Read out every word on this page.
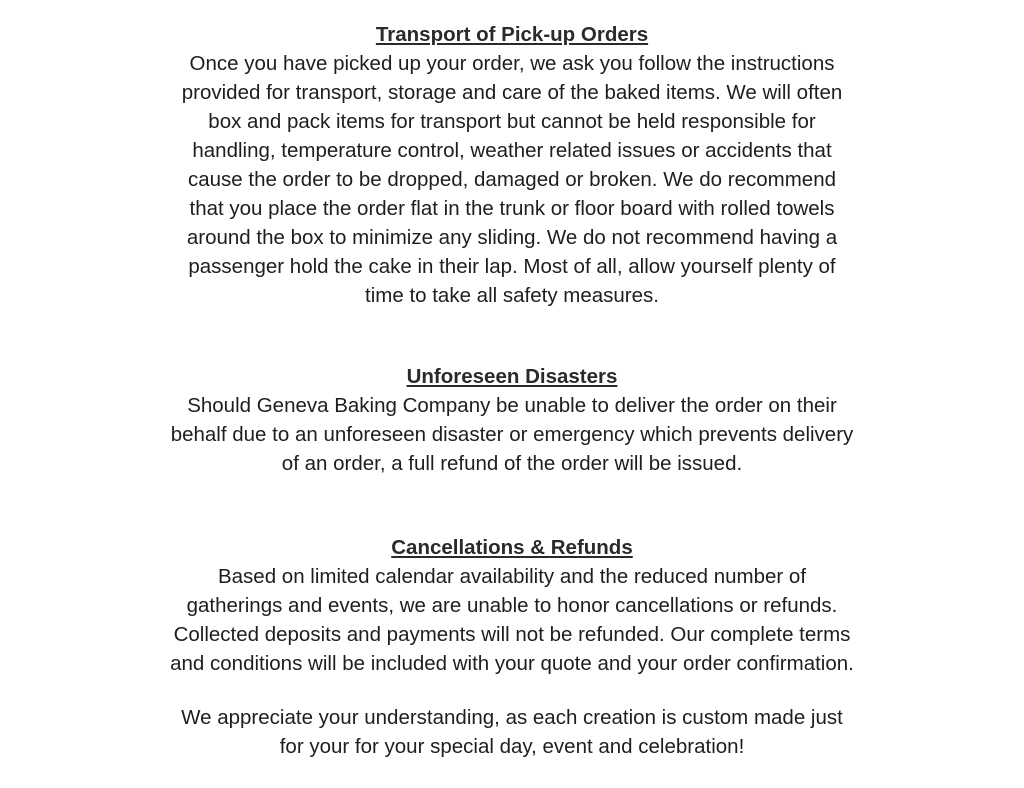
Transport of Pick-up Orders
Once you have picked up your order, we ask you follow the instructions
provided for transport, storage and care of the baked items. We will often
box and pack items for transport but cannot be held responsible for
handling, temperature control, weather related issues or accidents that
cause the order to be dropped, damaged or broken. We do recommend
that you place the order flat in the trunk or floor board with rolled towels
around the box to minimize any sliding. We do not recommend having a
passenger hold the cake in their lap. Most of all, allow yourself plenty of
time to take all safety measures.
Unforeseen Disasters
Should Geneva Baking Company be unable to deliver the order on their
behalf due to an unforeseen disaster or emergency which prevents delivery
of an order, a full refund of the order will be issued.
Cancellations & Refunds
Based on limited calendar availability and the reduced number of
gatherings and events, we are unable to honor cancellations or refunds.
Collected deposits and payments will not be refunded. Our complete terms
and conditions will be included with your quote and your order confirmation.
We appreciate your understanding, as each creation is custom made just
for your for your special day, event and celebration!
